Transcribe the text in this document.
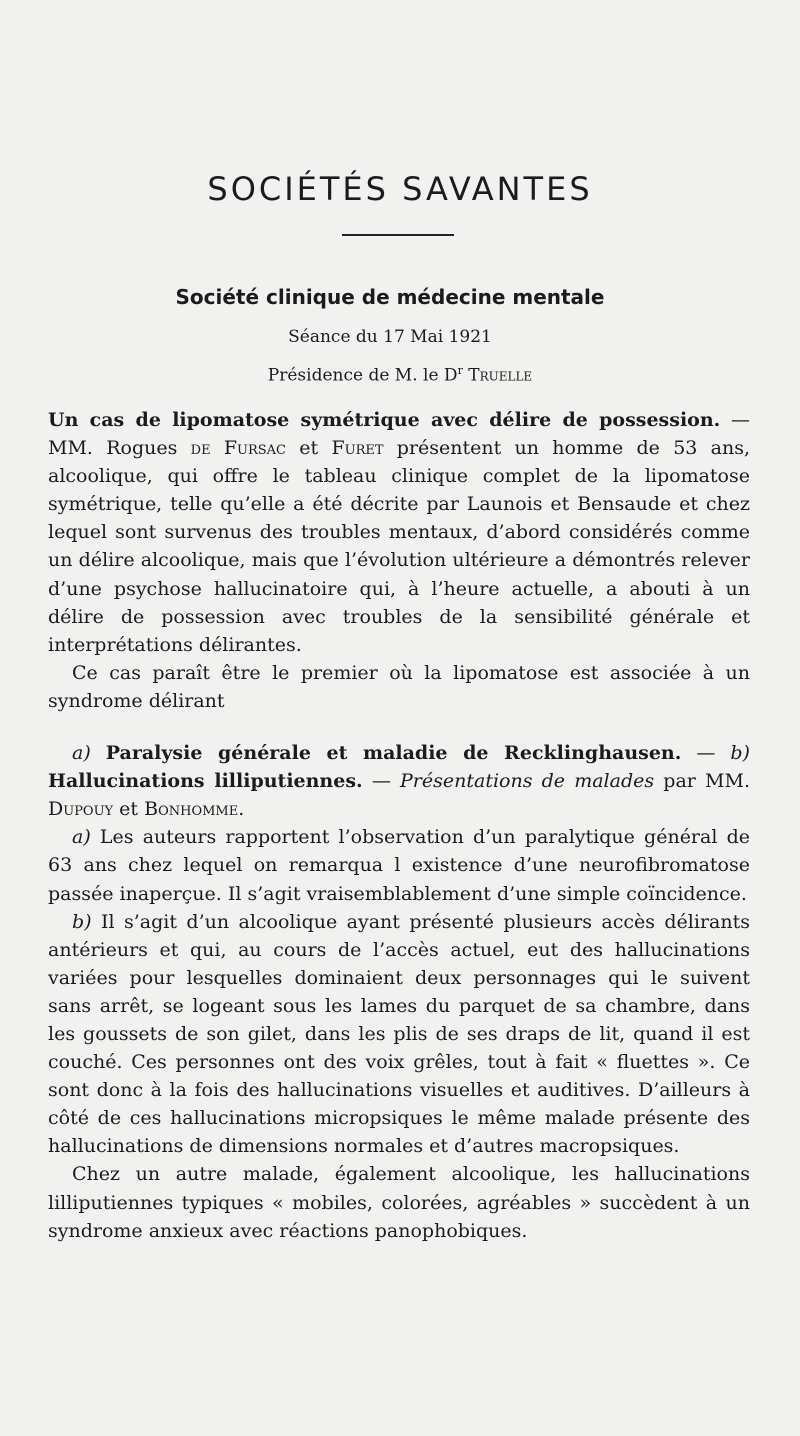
SOCIÉTÉS SAVANTES
Société clinique de médecine mentale
Séance du 17 Mai 1921
Présidence de M. le $D^r$ Truelle

Un cas de lipomatose symétrique avec délire de possession. — MM. Rogues de Fursac et Furet présentent un homme de 53 ans, alcoolique, qui offre le tableau clinique complet de la lipomatose symétrique, telle qu’elle a été décrite par Launois et Bensaude et chez lequel sont survenus des troubles mentaux, d’abord considérés comme un délire alcoolique, mais que l’évolution ultérieure a démontrés relever d’une psychose hallucinatoire qui, à l’heure actuelle, a abouti à un délire de possession avec troubles de la sensibilité générale et interprétations délirantes.

Ce cas paraît être le premier où la lipomatose est associée à un syndrome délirant

a) Paralysie générale et maladie de Recklinghausen. — b) Hallucinations lilliputiennes. — Présentations de malades par MM. Dupouy et Bonhomme.

a) Les auteurs rapportent l’observation d’un paralytique général de 63 ans chez lequel on remarqua l existence d’une neurofibromatose passée inaperçue. Il s’agit vraisemblablement d’une simple coïncidence.

b) Il s’agit d’un alcoolique ayant présenté plusieurs accès délirants antérieurs et qui, au cours de l’accès actuel, eut des hallucinations variées pour lesquelles dominaient deux personnages qui le suivent sans arrêt, se logeant sous les lames du parquet de sa chambre, dans les goussets de son gilet, dans les plis de ses draps de lit, quand il est couché. Ces personnes ont des voix grêles, tout à fait « fluettes ». Ce sont donc à la fois des hallucinations visuelles et auditives. D’ailleurs à côté de ces hallucinations micropsiques le même malade présente des hallucinations de dimensions normales et d’autres macropsiques.

Chez un autre malade, également alcoolique, les hallucinations lilliputiennes typiques « mobiles, colorées, agréables » succèdent à un syndrome anxieux avec réactions panophobiques.
